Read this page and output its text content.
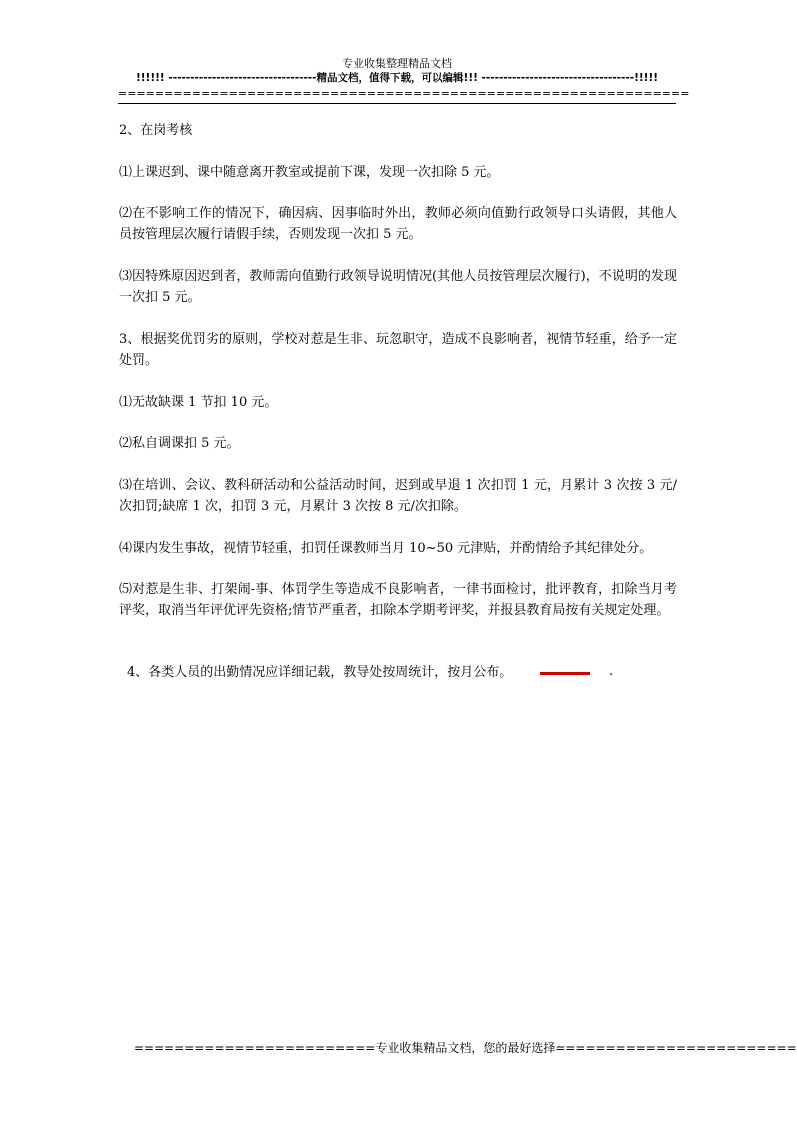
专业收集整理精品文档
!!!!!! ----------------------------------精品文档，值得下载，可以编辑!!! -----------------------------------!!!!!
==============================================================
2、在岗考核
⑴上课迟到、课中随意离开教室或提前下课，发现一次扣除 5 元。
⑵在不影响工作的情况下，确因病、因事临时外出，教师必须向值勤行政领导口头请假，其他人员按管理层次履行请假手续，否则发现一次扣 5 元。
⑶因特殊原因迟到者，教师需向值勤行政领导说明情况(其他人员按管理层次履行)，不说明的发现一次扣 5 元。
3、根据奖优罚劣的原则，学校对惹是生非、玩忽职守，造成不良影响者，视情节轻重，给予一定处罚。
⑴无故缺课 1 节扣 10 元。
⑵私自调课扣 5 元。
⑶在培训、会议、教科研活动和公益活动时间，迟到或早退 1 次扣罚 1 元，月累计 3 次按 3 元/次扣罚;缺席 1 次，扣罚 3 元，月累计 3 次按 8 元/次扣除。
⑷课内发生事故，视情节轻重，扣罚任课教师当月 10~50 元津贴，并酌情给予其纪律处分。
⑸对惹是生非、打架闹-事、体罚学生等造成不良影响者，一律书面检讨，批评教育，扣除当月考评奖，取消当年评优评先资格;情节严重者，扣除本学期考评奖，并报县教育局按有关规定处理。
4、各类人员的出勤情况应详细记载，教导处按周统计，按月公布。	.
========================专业收集精品文档，您的最好选择========================
